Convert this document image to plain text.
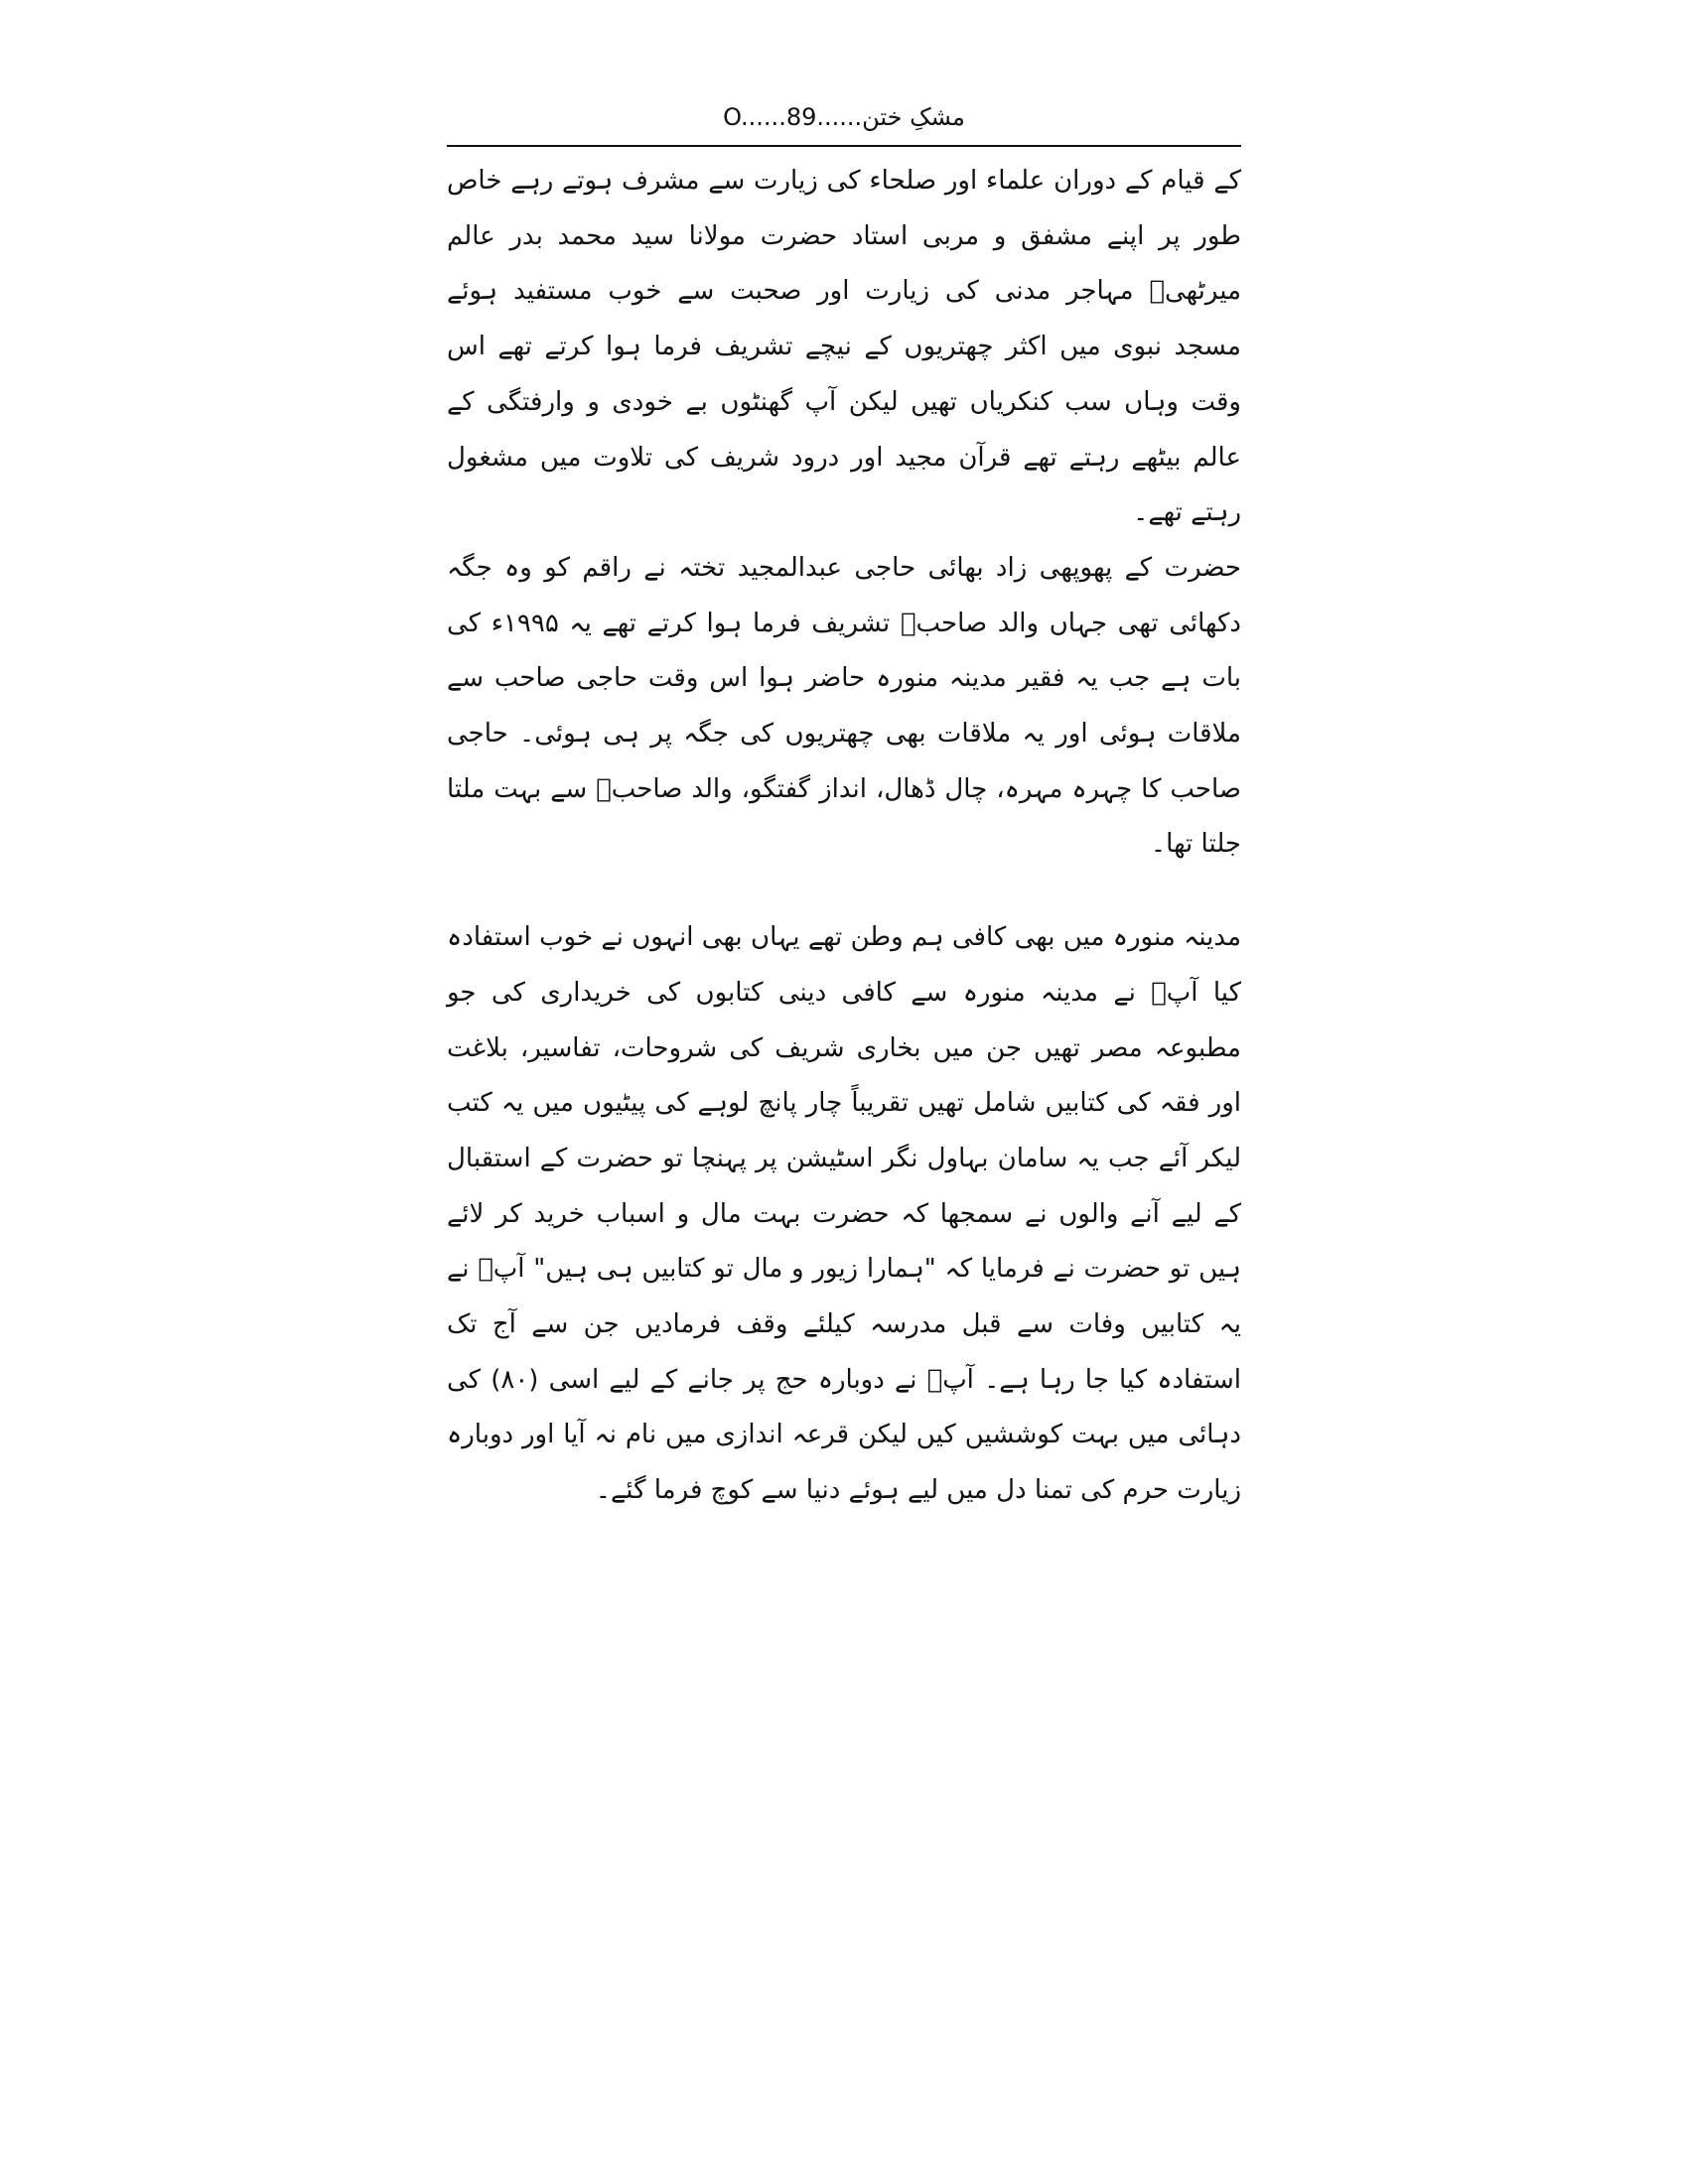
مشکِ ختن......O......89

کے قیام کے دوران علماء اور صلحاء کی زیارت سے مشرف ہوتے رہے خاص طور پر اپنے مشفق و مربی استاد حضرت مولانا سید محمد بدر عالم میرٹھیؒ مہاجر مدنی کی زیارت اور صحبت سے خوب مستفید ہوئے مسجد نبوی میں اکثر چھتریوں کے نیچے تشریف فرما ہوا کرتے تھے اس وقت وہاں سب کنکریاں تھیں لیکن آپ گھنٹوں بے خودی و وارفتگی کے عالم بیٹھے رہتے تھے قرآن مجید اور درود شریف کی تلاوت میں مشغول رہتے تھے۔

حضرت کے پھوپھی زاد بھائی حاجی عبدالمجید تختہ نے راقم کو وہ جگہ دکھائی تھی جہاں والد صاحبؒ تشریف فرما ہوا کرتے تھے یہ ۱۹۹۵ء کی بات ہے جب یہ فقیر مدینہ منورہ حاضر ہوا اس وقت حاجی صاحب سے ملاقات ہوئی اور یہ ملاقات بھی چھتریوں کی جگہ پر ہی ہوئی۔ حاجی صاحب کا چہرہ مہرہ، چال ڈھال، انداز گفتگو، والد صاحبؒ سے بہت ملتا جلتا تھا۔

مدینہ منورہ میں بھی کافی ہم وطن تھے یہاں بھی انہوں نے خوب استفادہ کیا آپؒ نے مدینہ منورہ سے کافی دینی کتابوں کی خریداری کی جو مطبوعہ مصر تھیں جن میں بخاری شریف کی شروحات، تفاسیر، بلاغت اور فقہ کی کتابیں شامل تھیں تقریباً چار پانچ لوہے کی پیٹیوں میں یہ کتب لیکر آئے جب یہ سامان بہاول نگر اسٹیشن پر پہنچا تو حضرت کے استقبال کے لیے آنے والوں نے سمجھا کہ حضرت بہت مال و اسباب خرید کر لائے ہیں تو حضرت نے فرمایا کہ "ہمارا زیور و مال تو کتابیں ہی ہیں" آپؒ نے یہ کتابیں وفات سے قبل مدرسہ کیلئے وقف فرمادیں جن سے آج تک استفادہ کیا جا رہا ہے۔ آپؒ نے دوبارہ حج پر جانے کے لیے اسی (۸۰) کی دہائی میں بہت کوششیں کیں لیکن قرعہ اندازی میں نام نہ آیا اور دوبارہ زیارت حرم کی تمنا دل میں لیے ہوئے دنیا سے کوچ فرما گئے۔
